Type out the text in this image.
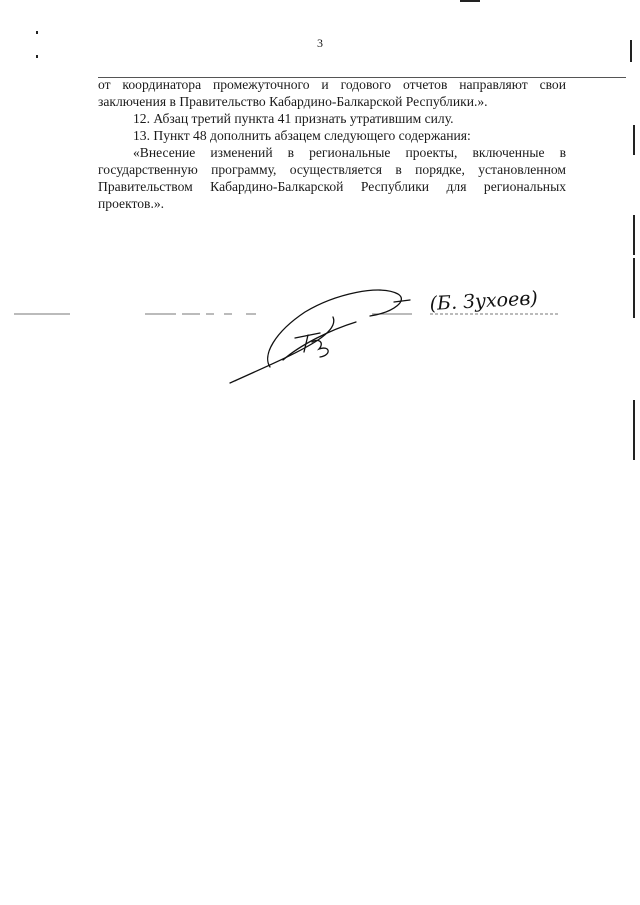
3

от координатора промежуточного и годового отчетов направляют свои заключения в Правительство Кабардино-Балкарской Республики.».

12. Абзац третий пункта 41 признать утратившим силу.

13. Пункт 48 дополнить абзацем следующего содержания:

«Внесение изменений в региональные проекты, включенные в государственную программу, осуществляется в порядке, установленном Правительством Кабардино-Балкарской Республики для региональных проектов.».

(Б. Зухоев)
